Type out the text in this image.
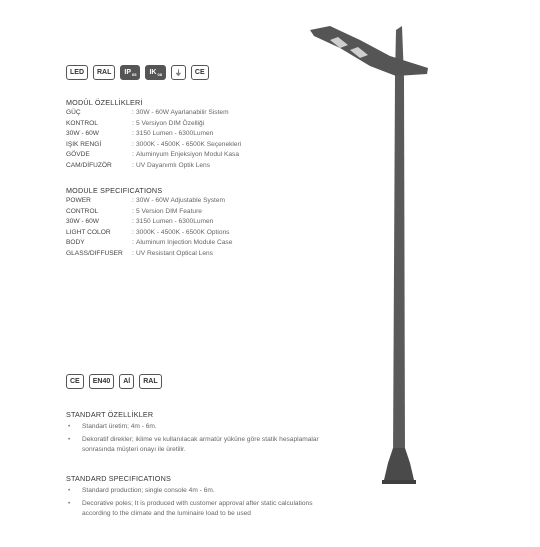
LED RAL IP 65 IK 08 ⏚ CE
MODÜL ÖZELLİKLERİ
GÜÇ	: 30W - 60W Ayarlanabilir Sistem
KONTROL	: 5 Versiyon DIM Özelliği
30W - 60W	: 3150 Lumen - 6300Lumen
IŞIK RENGİ	: 3000K - 4500K - 6500K Seçenekleri
GÖVDE	: Aluminyum Enjeksiyon Modul Kasa
CAM/DİFUZÖR	: UV Dayanımlı Optik Lens
MODULE SPECIFICATIONS
POWER	: 30W - 60W Adjustable System
CONTROL	: 5 Version DIM Feature
30W - 60W	: 3150 Lumen - 6300Lumen
LIGHT COLOR	: 3000K - 4500K - 6500K Options
BODY	: Aluminum Injection Module Case
GLASS/DIFFUSER	: UV Resistant Optical Lens
CE EN40 Al RAL
STANDART ÖZELLİKLER
• Standart üretim; 4m - 6m.
• Dekoratif direkler; iklime ve kullanılacak armatür yüküne göre statik hesaplamalar sonrasında müşteri onayı ile üretilir.
STANDARD SPECIFICATIONS
• Standard production; single console 4m - 6m.
• Decorative poles; It is produced with customer approval after static calculations according to the climate and the luminaire load to be used
